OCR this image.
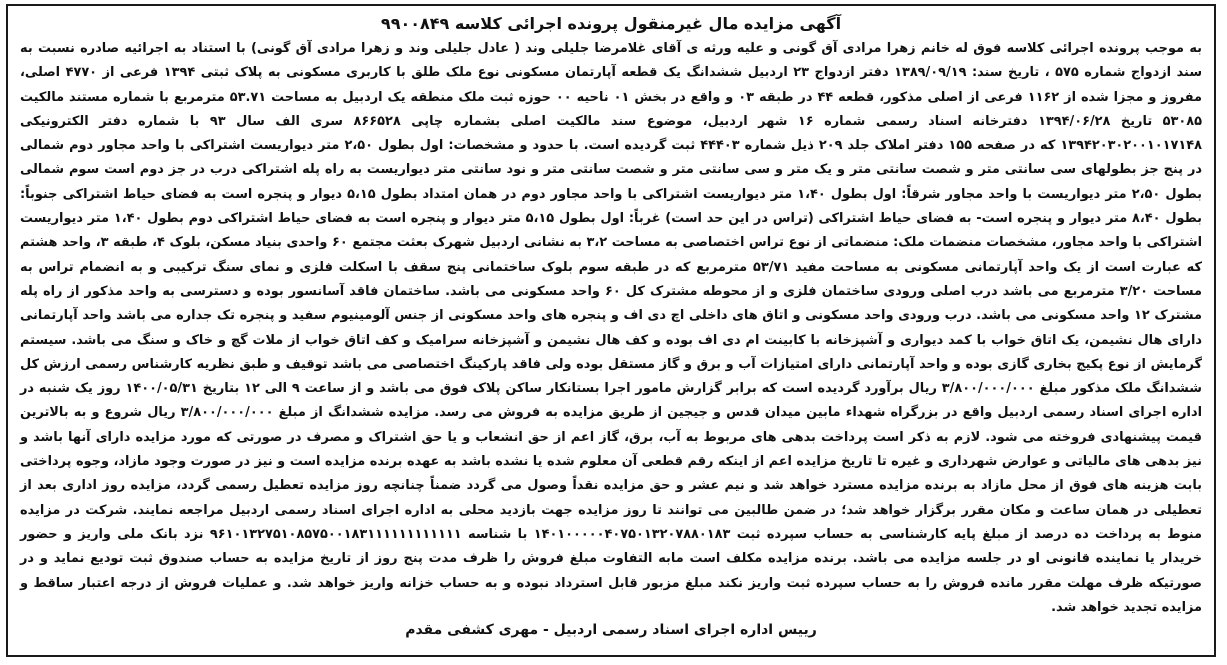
آگهی مزایده مال غیرمنقول پرونده اجرائی کلاسه ۹۹۰۰۸۴۹
به موجب پرونده اجرائی کلاسه فوق له خانم زهرا مرادی آق گونی و علیه ورثه ی آقای غلامرضا جلیلی وند ( عادل جلیلی وند و زهرا مرادی آق گونی) با استناد به اجرائیه صادره نسبت به سند ازدواج شماره ۵۷۵ ، تاریخ سند: ۱۳۸۹/۰۹/۱۹ دفتر ازدواج ۲۳ اردبیل ششدانگ یک قطعه آپارتمان مسکونی نوع ملک طلق با کاربری مسکونی به پلاک ثبتی ۱۳۹۴ فرعی از ۴۷۷۰ اصلی، مفروز و مجزا شده از ۱۱۶۲ فرعی از اصلی مذکور، قطعه ۴۴ در طبقه ۰۳ و واقع در بخش ۰۱ ناحیه ۰۰ حوزه ثبت ملک منطقه یک اردبیل به مساحت ۵۳.۷۱ مترمربع با شماره مستند مالکیت ۵۳۰۸۵ تاریخ ۱۳۹۴/۰۶/۲۸ دفترخانه اسناد رسمی شماره ۱۶ شهر اردبیل، موضوع سند مالکیت اصلی بشماره چاپی ۸۶۶۵۲۸ سری الف سال ۹۳ با شماره دفتر الکترونیکی ۱۳۹۴۲۰۳۰۲۰۰۱۰۱۷۱۴۸ که در صفحه ۱۵۵ دفتر املاک جلد ۲۰۹ ذیل شماره ۴۴۴۰۳ ثبت گردیده است. با حدود و مشخصات: اول بطول ۲،۵۰ متر دیواریست اشتراکی با واحد مجاور دوم شمالی در پنج جز بطولهای سی سانتی متر و شصت سانتی متر و یک متر و سی سانتی متر و شصت سانتی متر و نود سانتی متر دیواریست به راه پله اشتراکی درب در جز دوم است سوم شمالی بطول ۲،۵۰ متر دیواریست با واحد مجاور شرقاً: اول بطول ۱،۴۰ متر دیواریست اشتراکی با واحد مجاور دوم در همان امتداد بطول ۵،۱۵ دیوار و پنجره است به فضای حیاط اشتراکی جنوباً: بطول ۸،۴۰ متر دیوار و پنجره است- به فضای حیاط اشتراکی (تراس در این حد است) غرباً: اول بطول ۵،۱۵ متر دیوار و پنجره است به فضای حیاط اشتراکی دوم بطول ۱،۴۰ متر دیواریست اشتراکی با واحد مجاور، مشخصات منضمات ملک: منضماتی از نوع تراس اختصاصی به مساحت ۳،۲ به نشانی اردبیل شهرک بعثت مجتمع ۶۰ واحدی بنیاد مسکن، بلوک ۴، طبقه ۳، واحد هشتم که عبارت است از یک واحد آپارتمانی مسکونی به مساحت مفید ۵۳/۷۱ مترمربع که در طبقه سوم بلوک ساختمانی پنج سقف با اسکلت فلزی و نمای سنگ ترکیبی و به انضمام تراس به مساحت ۳/۲۰ مترمربع می باشد درب اصلی ورودی ساختمان فلزی و از محوطه مشترک کل ۶۰ واحد مسکونی می باشد. ساختمان فاقد آسانسور بوده و دسترسی به واحد مذکور از راه پله مشترک ۱۲ واحد مسکونی می باشد. درب ورودی واحد مسکونی و اتاق های داخلی اچ دی اف و پنجره های واحد مسکونی از جنس آلومینیوم سفید و پنجره تک جداره می باشد واحد آپارتمانی دارای هال نشیمن، یک اتاق خواب با کمد دیواری و آشپزخانه با کابینت ام دی اف بوده و کف هال نشیمن و آشپزخانه سرامیک و کف اتاق خواب از ملات گچ و خاک و سنگ می باشد. سیستم گرمایش از نوع پکیج بخاری گازی بوده و واحد آپارتمانی دارای امتیازات آب و برق و گاز مستقل بوده ولی فاقد پارکینگ اختصاصی می باشد توقیف و طبق نظریه کارشناس رسمی ارزش کل ششدانگ ملک مذکور مبلغ ۳/۸۰۰/۰۰۰/۰۰۰ ریال برآورد گردیده است که برابر گزارش مامور اجرا بستانکار ساکن پلاک فوق می باشد و از ساعت ۹ الی ۱۲ بتاریخ ۱۴۰۰/۰۵/۳۱ روز یک شنبه در اداره اجرای اسناد رسمی اردبیل واقع در بزرگراه شهداء مابین میدان قدس و جیجین از طریق مزایده به فروش می رسد. مزایده ششدانگ از مبلغ ۳/۸۰۰/۰۰۰/۰۰۰ ریال شروع و به بالاترین قیمت پیشنهادی فروخته می شود. لازم به ذکر است پرداخت بدهی های مربوط به آب، برق، گاز اعم از حق انشعاب و یا حق اشتراک و مصرف در صورتی که مورد مزایده دارای آنها باشد و نیز بدهی های مالیاتی و عوارض شهرداری و غیره تا تاریخ مزایده اعم از اینکه رقم قطعی آن معلوم شده یا نشده باشد به عهده برنده مزایده است و نیز در صورت وجود مازاد، وجوه پرداختی بابت هزینه های فوق از محل مازاد به برنده مزایده مسترد خواهد شد و نیم عشر و حق مزایده نقداً وصول می گردد ضمناً چنانچه روز مزایده تعطیل رسمی گردد، مزایده روز اداری بعد از تعطیلی در همان ساعت و مکان مقرر برگزار خواهد شد؛ در ضمن طالبین می توانند تا روز مزایده جهت بازدید محلی به اداره اجرای اسناد رسمی اردبیل مراجعه نمایند. شرکت در مزایده منوط به پرداخت ده درصد از مبلغ پایه کارشناسی به حساب سپرده ثبت ۱۴۰۱۰۰۰۰۰۴۰۷۵۰۱۳۲۰۷۸۸۰۱۸۳ با شناسه ۹۶۱۰۱۳۲۷۵۱۰۸۵۷۵۰۰۱۸۳۱۱۱۱۱۱۱۱۱۱۱۱ نزد بانک ملی واریز و حضور خریدار یا نماینده قانونی او در جلسه مزایده می باشد. برنده مزایده مکلف است مابه التفاوت مبلغ فروش را ظرف مدت پنج روز از تاریخ مزایده به حساب صندوق ثبت توديع نماید و در صورتیکه ظرف مهلت مقرر مانده فروش را به حساب سپرده ثبت واریز نکند مبلغ مزبور قابل استرداد نبوده و به حساب خزانه واریز خواهد شد. و عملیات فروش از درجه اعتبار ساقط و مزایده تجدید خواهد شد.
رییس اداره اجرای اسناد رسمی اردبیل - مهری کشفی مقدم
